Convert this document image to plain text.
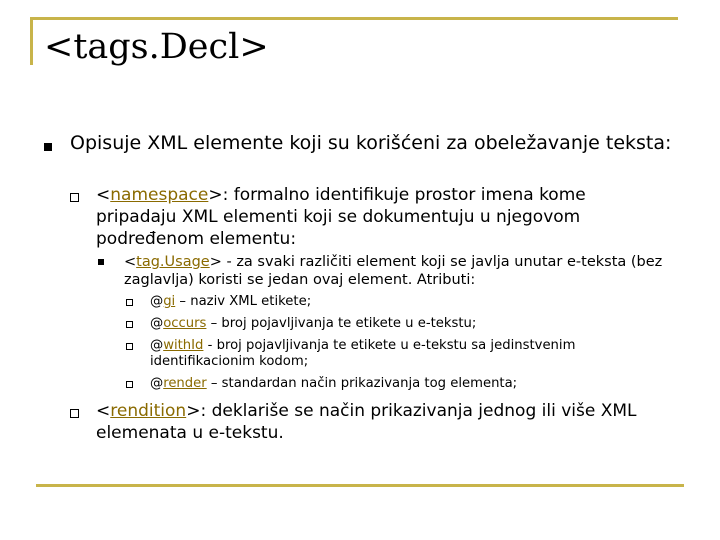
<tags.Decl>
Opisuje XML elemente koji su korišćeni za obeležavanje teksta:
<namespace>: formalno identifikuje prostor imena kome pripadaju XML elementi koji se dokumentuju u njegovom podređenom elementu:
<tag.Usage> - za svaki različiti element koji se javlja unutar e-teksta (bez zaglavlja) koristi se jedan ovaj element. Atributi:
@gi – naziv XML etikete;
@occurs – broj pojavljivanja te etikete u e-tekstu;
@withId - broj pojavljivanja te etikete u e-tekstu sa jedinstvenim identifikacionim kodom;
@render – standardan način prikazivanja tog elementa;
<rendition>: deklariše se način prikazivanja jednog ili više XML elemenata u e-tekstu.
